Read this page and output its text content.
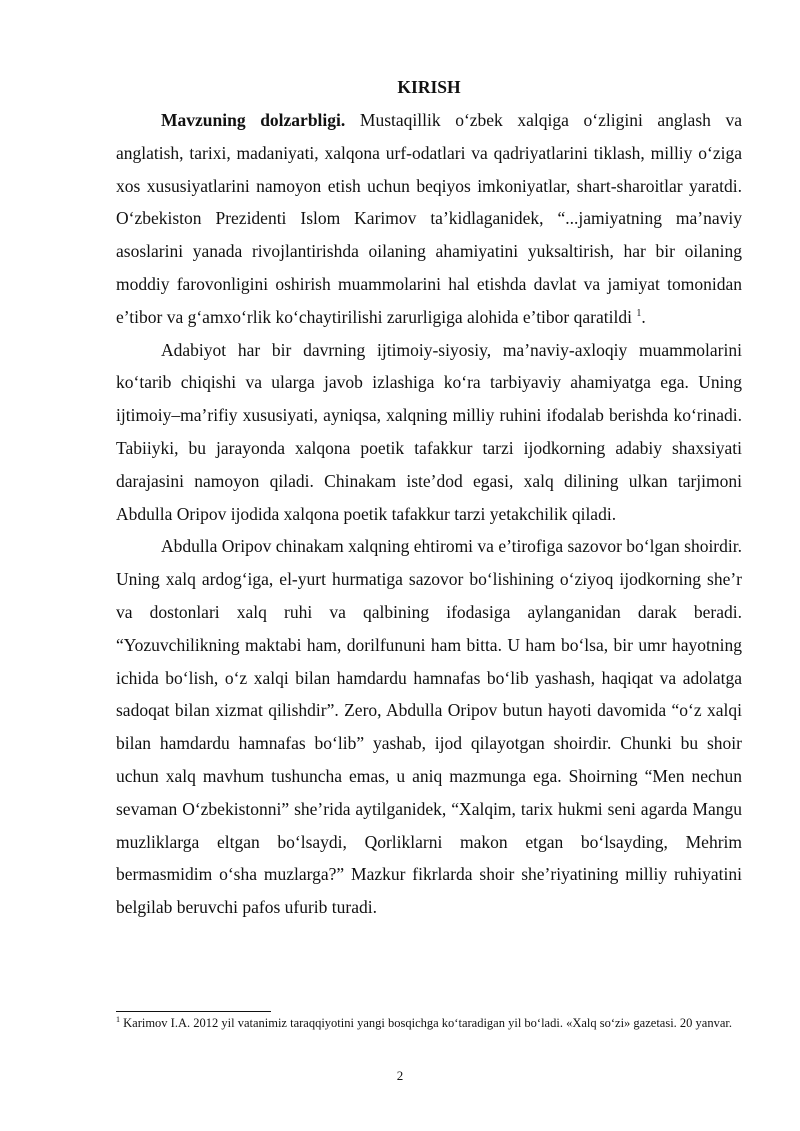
KIRISH

Mavzuning dolzarbligi. Mustaqillik o‘zbek xalqiga o‘zligini anglash va anglatish, tarixi, madaniyati, xalqona urf-odatlari va qadriyatlarini tiklash, milliy o‘ziga xos xususiyatlarini namoyon etish uchun beqiyos imkoniyatlar, shart-sharoitlar yaratdi. O‘zbekiston Prezidenti Islom Karimov ta’kidlaganidek, “...jamiyatning ma’naviy asoslarini yanada rivojlantirishda oilaning ahamiyatini yuksaltirish, har bir oilaning moddiy farovonligini oshirish muammolarini hal etishda davlat va jamiyat tomonidan e’tibor va g‘amxo‘rlik ko‘chaytirilishi zarurligiga alohida e’tibor qaratildi $^1$.

Adabiyot har bir davrning ijtimoiy-siyosiy, ma’naviy-axloqiy muammolarini ko‘tarib chiqishi va ularga javob izlashiga ko‘ra tarbiyaviy ahamiyatga ega. Uning ijtimoiy–ma’rifiy xususiyati, ayniqsa, xalqning milliy ruhini ifodalab berishda ko‘rinadi. Tabiiyki, bu jarayonda xalqona poetik tafakkur tarzi ijodkorning adabiy shaxsiyati darajasini namoyon qiladi. Chinakam iste’dod egasi, xalq dilining ulkan tarjimoni Abdulla Oripov ijodida xalqona poetik tafakkur tarzi yetakchilik qiladi.

Abdulla Oripov chinakam xalqning ehtiromi va e’tirofiga sazovor bo‘lgan shoirdir. Uning xalq ardog‘iga, el-yurt hurmatiga sazovor bo‘lishining o‘ziyoq ijodkorning she’r va dostonlari xalq ruhi va qalbining ifodasiga aylanganidan darak beradi. “Yozuvchilikning maktabi ham, dorilfununi ham bitta. U ham bo‘lsa, bir umr hayotning ichida bo‘lish, o‘z xalqi bilan hamdardu hamnafas bo‘lib yashash, haqiqat va adolatga sadoqat bilan xizmat qilishdir”. Zero, Abdulla Oripov butun hayoti davomida “o‘z xalqi bilan hamdardu hamnafas bo‘lib” yashab, ijod qilayotgan shoirdir. Chunki bu shoir uchun xalq mavhum tushuncha emas, u aniq mazmunga ega. Shoirning “Men nechun sevaman O‘zbekistonni” she’rida aytilganidek, “Xalqim, tarix hukmi seni agarda Mangu muzliklarga eltgan bo‘lsaydi, Qorliklarni makon etgan bo‘lsayding, Mehrim bermasmidim o‘sha muzlarga?” Mazkur fikrlarda shoir she’riyatining milliy ruhiyatini belgilab beruvchi pafos ufurib turadi.

$^1$ Karimov I.A. 2012 yil vatanimiz taraqqiyotini yangi bosqichga ko‘taradigan yil bo‘ladi. «Xalq so‘zi» gazetasi. 20 yanvar.
2
